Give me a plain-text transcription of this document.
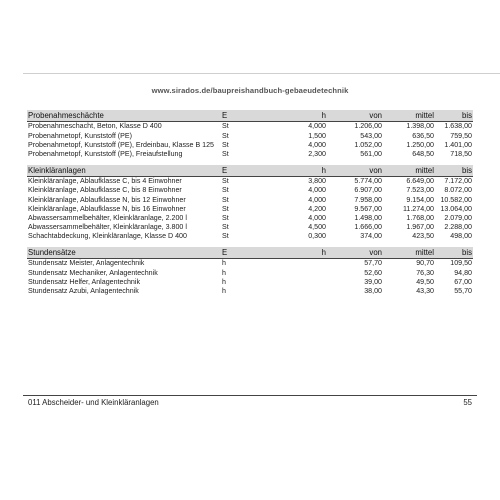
www.sirados.de/baupreishandbuch-gebaeudetechnik
Probenahmeschächte	E	h	von	mittel	bis
Probenahmeschacht, Beton, Klasse D 400	St	4,000	1.206,00	1.398,00	1.638,00
Probenahmetopf, Kunststoff (PE)	St	1,500	543,00	636,50	759,50
Probenahmetopf, Kunststoff (PE), Erdeinbau, Klasse B 125	St	4,000	1.052,00	1.250,00	1.401,00
Probenahmetopf, Kunststoff (PE), Freiaufstellung	St	2,300	561,00	648,50	718,50
Kleinkläranlagen	E	h	von	mittel	bis
Kleinkläranlage, Ablaufklasse C, bis 4 Einwohner	St	3,800	5.774,00	6.649,00	7.172,00
Kleinkläranlage, Ablaufklasse C, bis 8 Einwohner	St	4,000	6.907,00	7.523,00	8.072,00
Kleinkläranlage, Ablaufklasse N, bis 12 Einwohner	St	4,000	7.958,00	9.154,00	10.582,00
Kleinkläranlage, Ablaufklasse N, bis 16 Einwohner	St	4,200	9.567,00	11.274,00	13.064,00
Abwassersammelbehälter, Kleinkläranlage, 2.200 l	St	4,000	1.498,00	1.768,00	2.079,00
Abwassersammelbehälter, Kleinkläranlage, 3.800 l	St	4,500	1.666,00	1.967,00	2.288,00
Schachtabdeckung, Kleinkläranlage, Klasse D 400	St	0,300	374,00	423,50	498,00
Stundensätze	E	h	von	mittel	bis
Stundensatz Meister, Anlagentechnik	h		57,70	90,70	109,50
Stundensatz Mechaniker, Anlagentechnik	h		52,60	76,30	94,80
Stundensatz Helfer, Anlagentechnik	h		39,00	49,50	67,00
Stundensatz Azubi, Anlagentechnik	h		38,00	43,30	55,70
011 Abscheider- und Kleinkläranlagen	55
